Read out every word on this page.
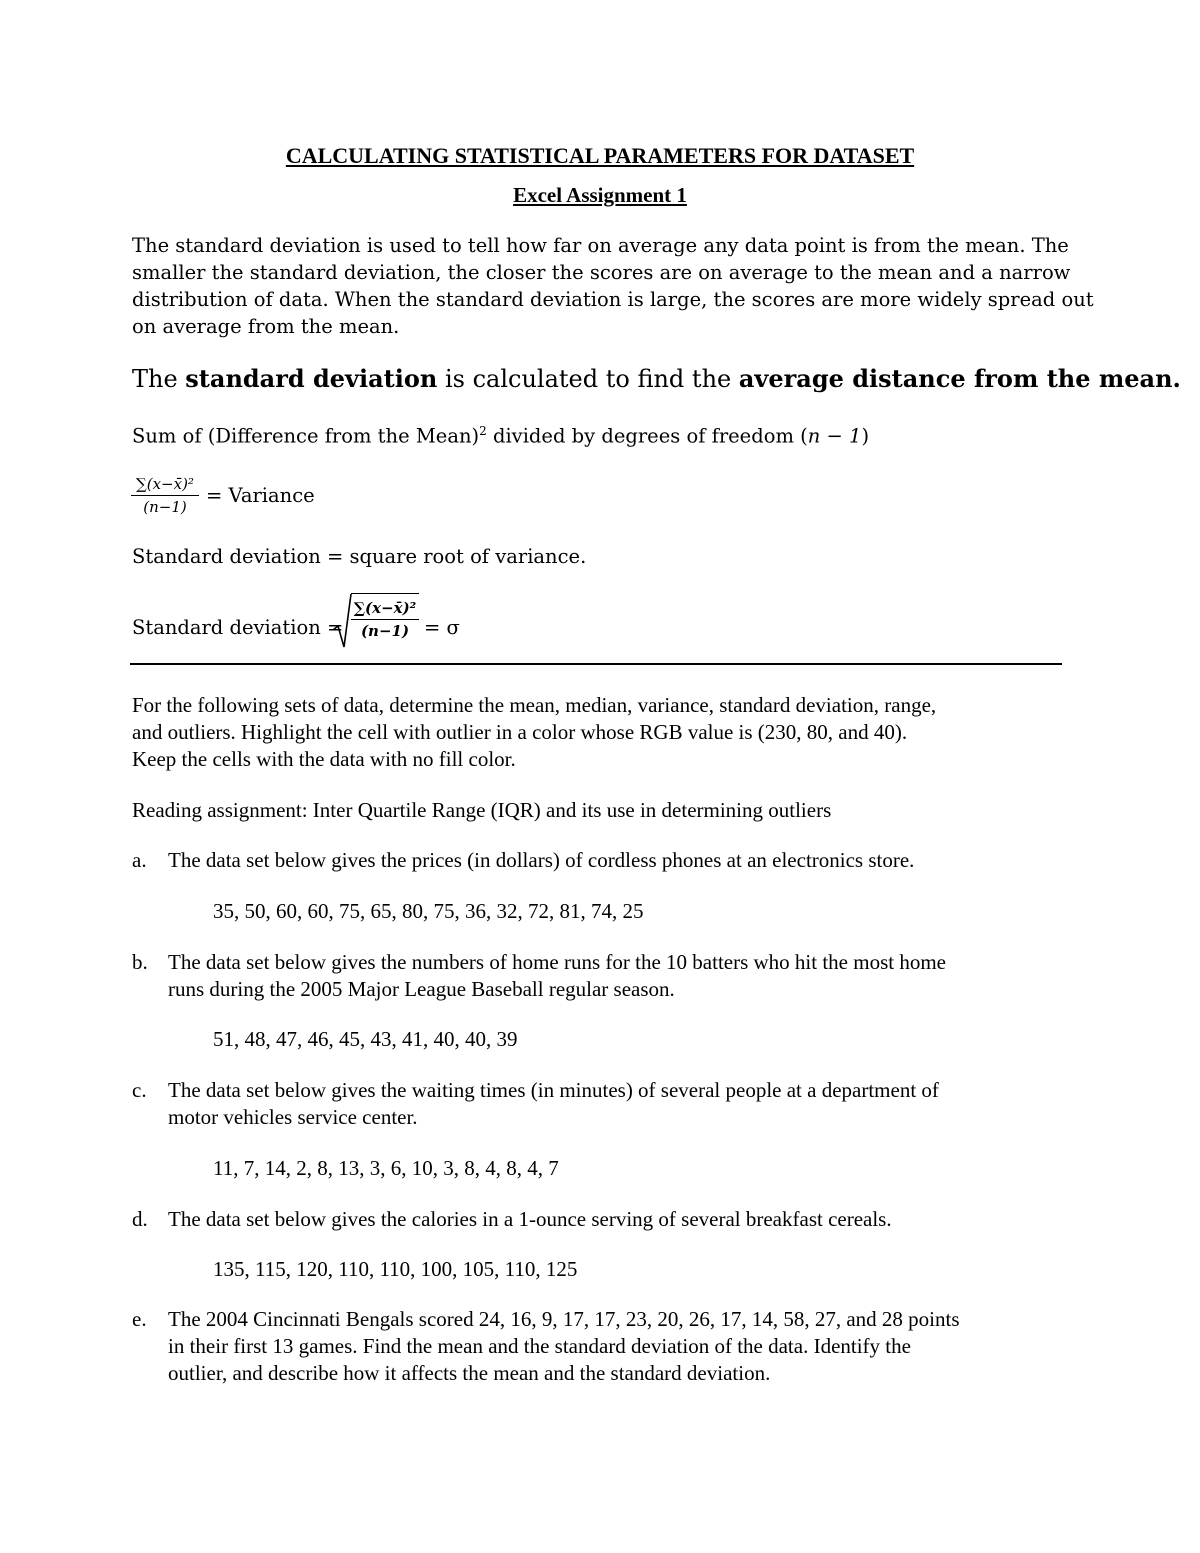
CALCULATING STATISTICAL PARAMETERS FOR DATASET
Excel Assignment 1
The standard deviation is used to tell how far on average any data point is from the mean. The
smaller the standard deviation, the closer the scores are on average to the mean and a narrow
distribution of data. When the standard deviation is large, the scores are more widely spread out
on average from the mean.
The standard deviation is calculated to find the average distance from the mean.
Sum of (Difference from the Mean)$^2$ divided by degrees of freedom (n − 1)
∑(x−x̄)²
(n−1) = Variance
Standard deviation = square root of variance.
Standard deviation =
∑(x−x̄)²
(n−1) = σ
For the following sets of data, determine the mean, median, variance, standard deviation, range,
and outliers. Highlight the cell with outlier in a color whose RGB value is (230, 80, and 40).
Keep the cells with the data with no fill color.
Reading assignment: Inter Quartile Range (IQR) and its use in determining outliers
a. The data set below gives the prices (in dollars) of cordless phones at an electronics store.
35, 50, 60, 60, 75, 65, 80, 75, 36, 32, 72, 81, 74, 25
b. The data set below gives the numbers of home runs for the 10 batters who hit the most home
runs during the 2005 Major League Baseball regular season.
51, 48, 47, 46, 45, 43, 41, 40, 40, 39
c. The data set below gives the waiting times (in minutes) of several people at a department of
motor vehicles service center.
11, 7, 14, 2, 8, 13, 3, 6, 10, 3, 8, 4, 8, 4, 7
d. The data set below gives the calories in a 1-ounce serving of several breakfast cereals.
135, 115, 120, 110, 110, 100, 105, 110, 125
e. The 2004 Cincinnati Bengals scored 24, 16, 9, 17, 17, 23, 20, 26, 17, 14, 58, 27, and 28 points
in their first 13 games. Find the mean and the standard deviation of the data. Identify the
outlier, and describe how it affects the mean and the standard deviation.
